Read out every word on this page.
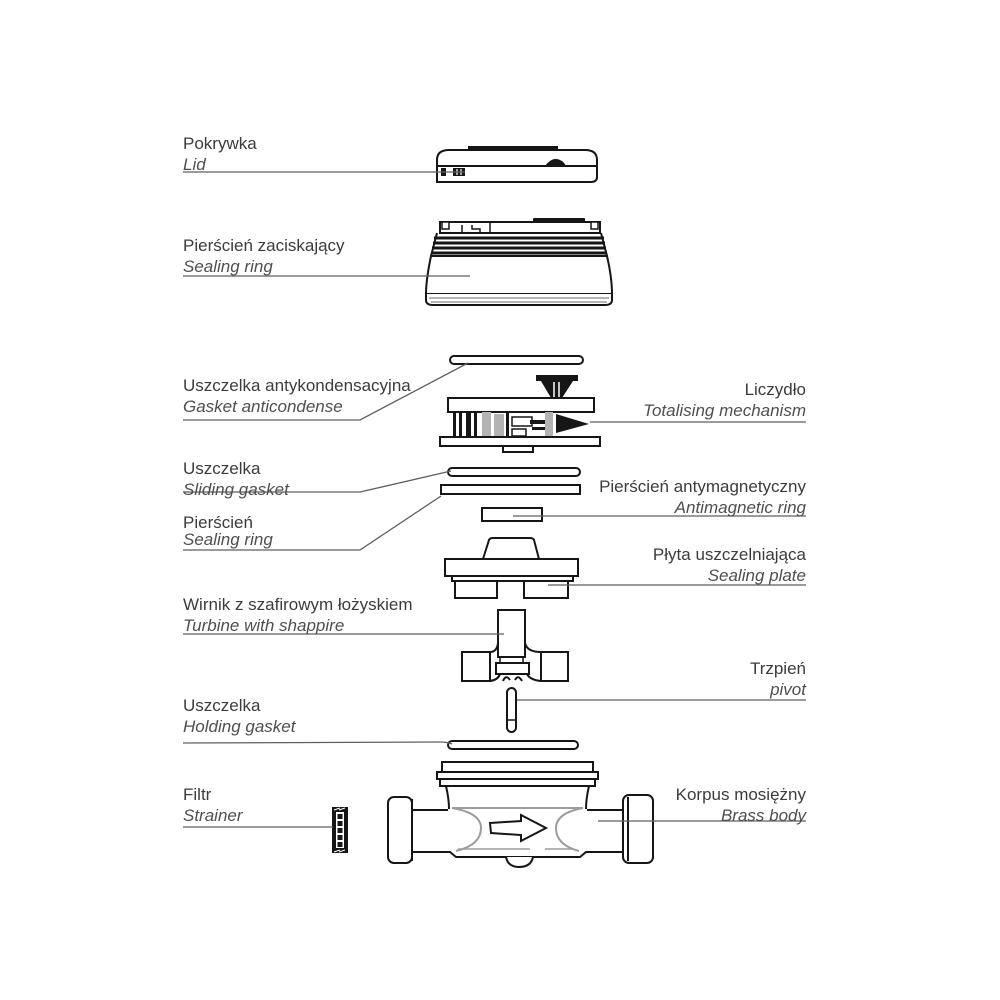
Pokrywka
Lid
Pierścień zaciskający
Sealing ring
Uszczelka antykondensacyjna
Gasket anticondense
Liczydło
Totalising mechanism
Uszczelka
Sliding gasket	Pierścień antymagnetyczny
Antimagnetic ring
Pierścień
Sealing ring
Płyta uszczelniająca
Sealing plate
Wirnik z szafirowym łożyskiem
Turbine with shappire
Trzpień
pivot
Uszczelka
Holding gasket
Filtr
Strainer
Korpus mosiężny
Brass body
